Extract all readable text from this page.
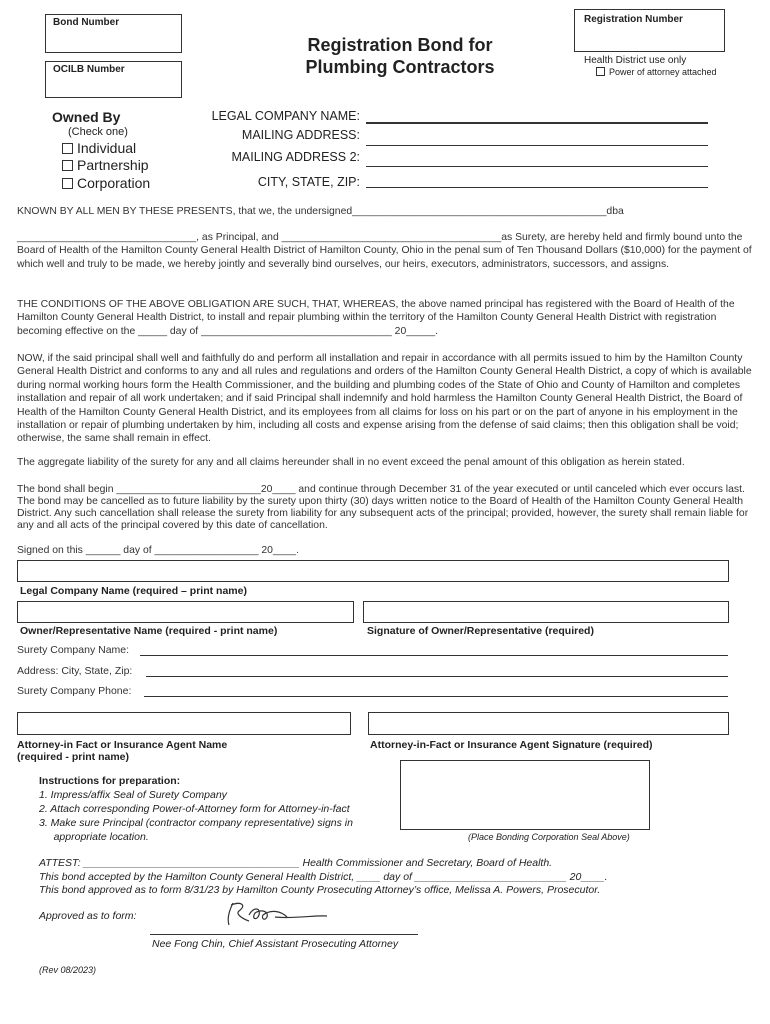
Bond Number
OCILB Number
Registration Bond for
Plumbing Contractors
Registration Number
Health District use only
Power of attorney attached
Owned By
(Check one)
Individual
Partnership
Corporation
LEGAL COMPANY NAME:
MAILING ADDRESS:
MAILING ADDRESS 2:
CITY, STATE, ZIP:
KNOWN BY ALL MEN BY THESE PRESENTS, that we, the undersigned____________________________________________dba

_______________________________, as Principal, and ______________________________________as Surety, are hereby held and firmly bound unto the Board of Health of the Hamilton County General Health District of Hamilton County, Ohio in the penal sum of Ten Thousand Dollars ($10,000) for the payment of which well and truly to be made, we hereby jointly and severally bind ourselves, our heirs, executors, administrators, successors, and assigns.

THE CONDITIONS OF THE ABOVE OBLIGATION ARE SUCH, THAT, WHEREAS, the above named principal has registered with the Board of Health of the Hamilton County General Health District, to install and repair plumbing within the territory of the Hamilton County General Health District with registration becoming effective on the _____ day of _________________________________ 20_____.

NOW, if the said principal shall well and faithfully do and perform all installation and repair in accordance with all permits issued to him by the Hamilton County General Health District and conforms to any and all rules and regulations and orders of the Hamilton County General Health District, a copy of which is available during normal working hours form the Health Commissioner, and the building and plumbing codes of the State of Ohio and County of Hamilton and completes installation and repair of all work undertaken; and if said Principal shall indemnify and hold harmless the Hamilton County General Health District, the Board of Health of the Hamilton County General Health District, and its employees from all claims for loss on his part or on the part of anyone in his employment in the installation or repair of plumbing undertaken by him, including all costs and expense arising from the defense of said claims; then this obligation shall be void; otherwise, the same shall remain in effect.

The aggregate liability of the surety for any and all claims hereunder shall in no event exceed the penal amount of this obligation as herein stated.

The bond shall begin _________________________20____ and continue through December 31 of the year executed or until canceled which ever occurs last. The bond may be cancelled as to future liability by the surety upon thirty (30) days written notice to the Board of Health of the Hamilton County General Health District. Any such cancellation shall release the surety from liability for any subsequent acts of the principal; provided, however, the surety shall remain liable for any and all acts of the principal covered by this date of cancellation.

Signed on this ______ day of __________________ 20____.
Legal Company Name (required – print name)
Owner/Representative Name (required - print name)	Signature of Owner/Representative (required)
Surety Company Name:
Address: City, State, Zip:
Surety Company Phone:
Attorney-in Fact or Insurance Agent Name
(required - print name)
Attorney-in-Fact or Insurance Agent Signature (required)
Instructions for preparation:
1. Impress/affix Seal of Surety Company
2. Attach corresponding Power-of-Attorney form for Attorney-in-fact
3. Make sure Principal (contractor company representative) signs in
appropriate location.	(Place Bonding Corporation Seal Above)
ATTEST: _____________________________________ Health Commissioner and Secretary, Board of Health.
This bond accepted by the Hamilton County General Health District, ____ day of __________________________ 20____.
This bond approved as to form 8/31/23 by Hamilton County Prosecuting Attorney’s office, Melissa A. Powers, Prosecutor.
Approved as to form:
Nee Fong Chin, Chief Assistant Prosecuting Attorney
(Rev 08/2023)
